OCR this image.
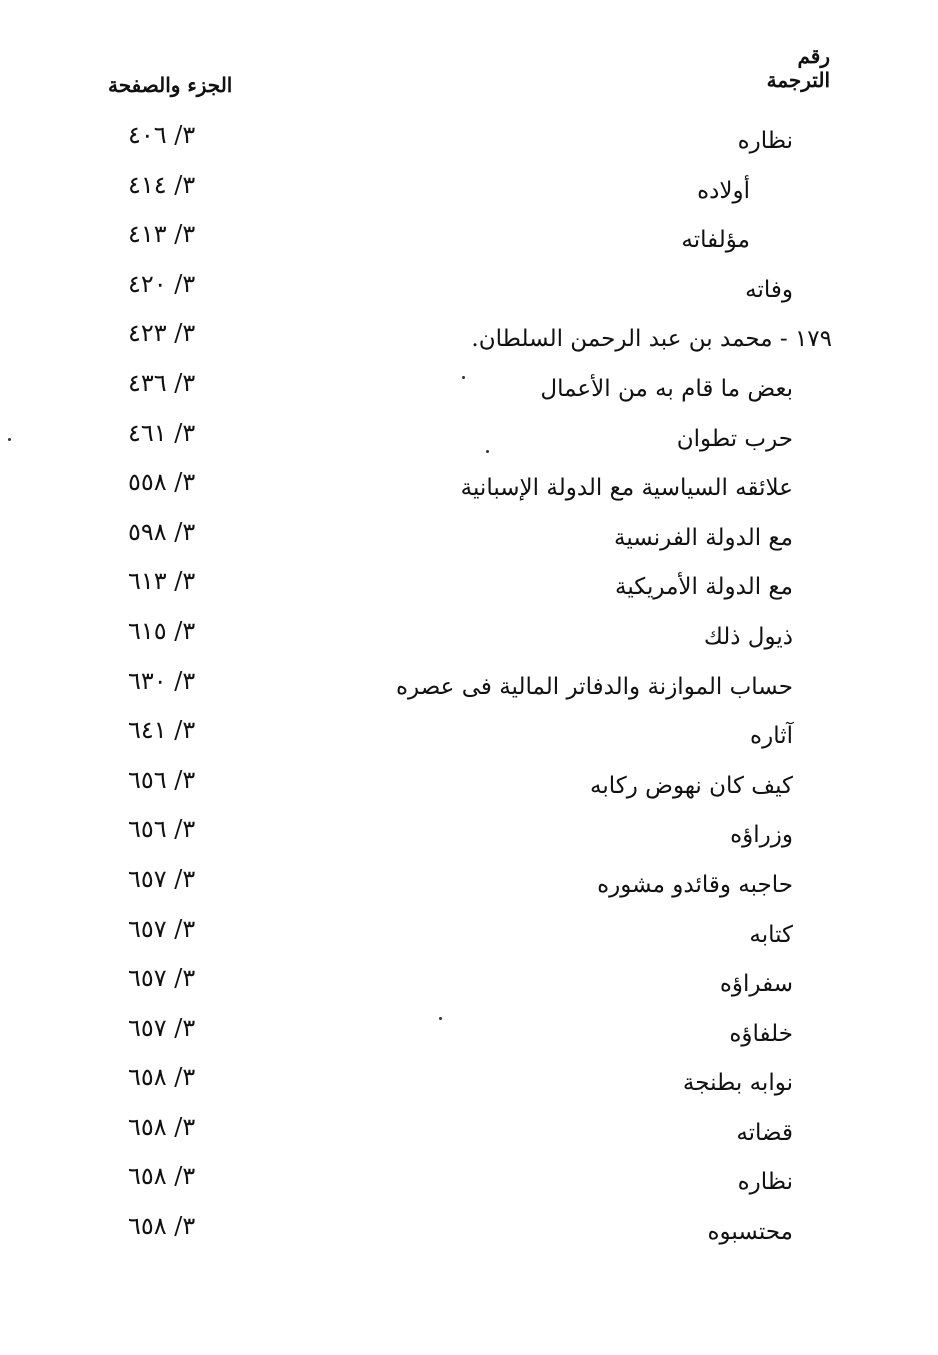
رقم
الترجمة
الجزء والصفحة
نظاره
٣/ ٤٠٦
أولاده
٣/ ٤١٤
مؤلفاته
٣/ ٤١٣
وفاته
٣/ ٤٢٠
١٧٩ - محمد بن عبد الرحمن السلطان.
٣/ ٤٢٣
بعض ما قام به من الأعمال
٣/ ٤٣٦
حرب تطوان
٣/ ٤٦١
علائقه السياسية مع الدولة الإسبانية
٣/ ٥٥٨
مع الدولة الفرنسية
٣/ ٥٩٨
مع الدولة الأمريكية
٣/ ٦١٣
ذيول ذلك
٣/ ٦١٥
حساب الموازنة والدفاتر المالية فى عصره
٣/ ٦٣٠
آثاره
٣/ ٦٤١
كيف كان نهوض ركابه
٣/ ٦٥٦
وزراؤه
٣/ ٦٥٦
حاجبه وقائدو مشوره
٣/ ٦٥٧
كتابه
٣/ ٦٥٧
سفراؤه
٣/ ٦٥٧
خلفاؤه
٣/ ٦٥٧
نوابه بطنجة
٣/ ٦٥٨
قضاته
٣/ ٦٥٨
نظاره
٣/ ٦٥٨
محتسبوه
٣/ ٦٥٨
